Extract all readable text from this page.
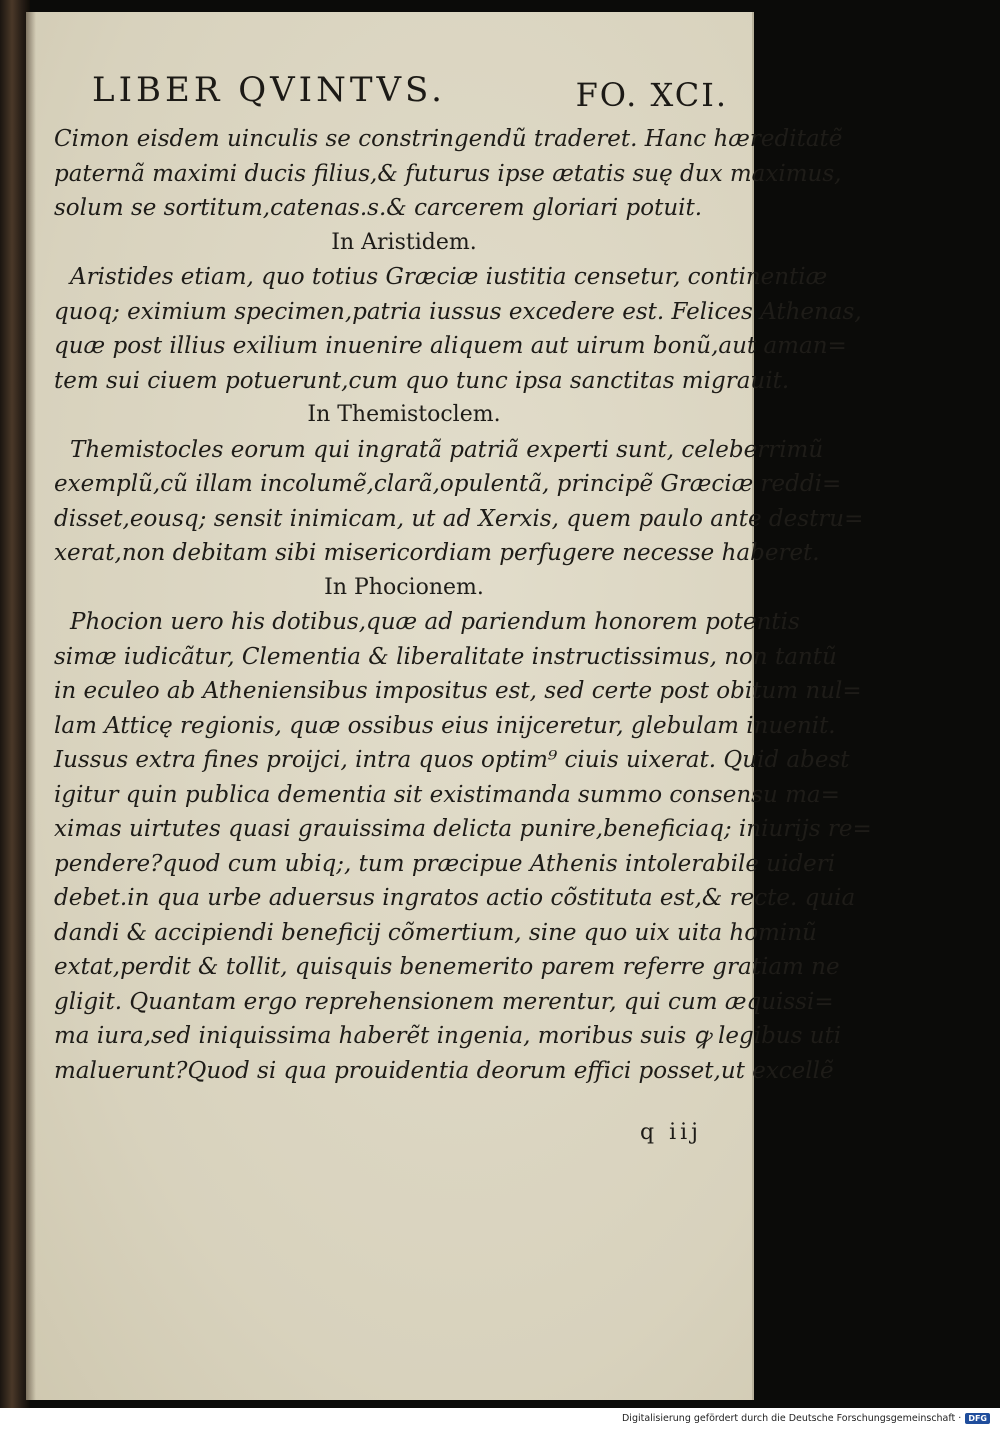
LIBER QVINTVS.	FO. XCI.
Cimon eisdem uinculis se constringendũ traderet. Hanc hæreditatẽ
paternã maximi ducis filius,& futurus ipse ætatis suę dux maximus,
solum se sortitum,catenas.s.& carcerem gloriari potuit.
In Aristidem.
Aristides etiam, quo totius Græciæ iustitia censetur, continentiæ
quoq; eximium specimen,patria iussus excedere est. Felices Athenas,
quæ post illius exilium inuenire aliquem aut uirum bonũ,aut aman=
tem sui ciuem potuerunt,cum quo tunc ipsa sanctitas migrauit.
In Themistoclem.
Themistocles eorum qui ingratã patriã experti sunt, celeberrimũ
exemplũ,cũ illam incolumẽ,clarã,opulentã, principẽ Græciæ reddi=
disset,eousq; sensit inimicam, ut ad Xerxis, quem paulo ante destru=
xerat,non debitam sibi misericordiam perfugere necesse haberet.
In Phocionem.
Phocion uero his dotibus,quæ ad pariendum honorem potentis
simæ iudicãtur, Clementia & liberalitate instructissimus, non tantũ
in eculeo ab Atheniensibus impositus est, sed certe post obitum nul=
lam Atticę regionis, quæ ossibus eius inijceretur, glebulam inuenit.
Iussus extra fines proijci, intra quos optim⁹ ciuis uixerat. Quid abest
igitur quin publica dementia sit existimanda summo consensu ma=
ximas uirtutes quasi grauissima delicta punire,beneficiaq; iniurijs re=
pendere?quod cum ubiq;, tum præcipue Athenis intolerabile uideri
debet.in qua urbe aduersus ingratos actio cõstituta est,& recte. quia
dandi & accipiendi beneficij cõmertium, sine quo uix uita hominũ
extat,perdit & tollit, quisquis benemerito parem referre gratiam ne
gligit. Quantam ergo reprehensionem merentur, qui cum æquissi=
ma iura,sed iniquissima haberẽt ingenia, moribus suis ꝙ legibus uti
maluerunt?Quod si qua prouidentia deorum effici posset,ut excellẽ
q iij
Digitalisierung gefördert durch die Deutsche Forschungsgemeinschaft · DFG
